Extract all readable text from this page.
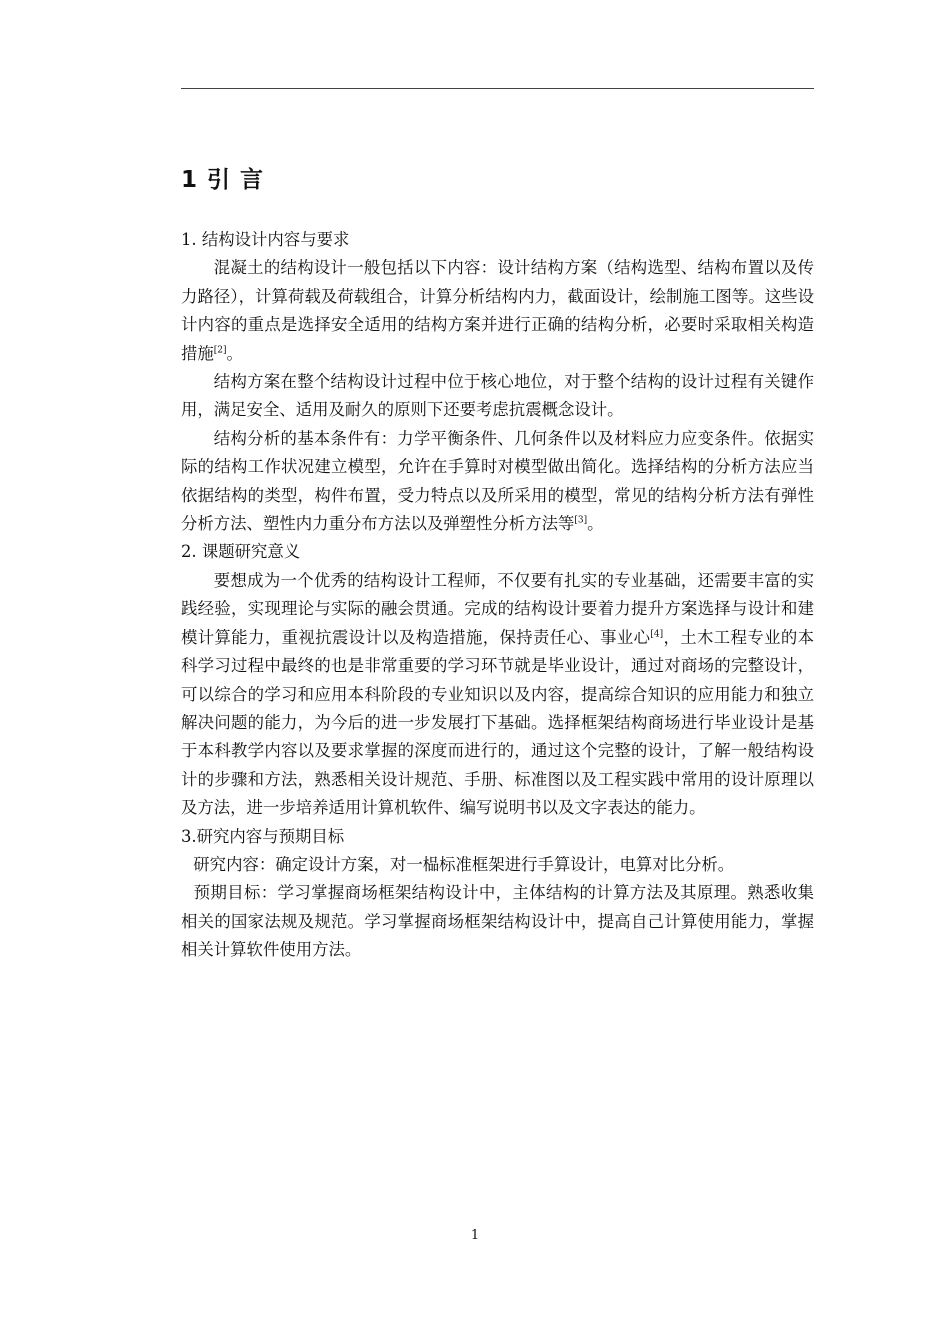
1 引 言

1. 结构设计内容与要求

混凝土的结构设计一般包括以下内容：设计结构方案（结构选型、结构布置以及传力路径），计算荷载及荷载组合，计算分析结构内力，截面设计，绘制施工图等。这些设计内容的重点是选择安全适用的结构方案并进行正确的结构分析，必要时采取相关构造措施[2]。

结构方案在整个结构设计过程中位于核心地位，对于整个结构的设计过程有关键作用，满足安全、适用及耐久的原则下还要考虑抗震概念设计。

结构分析的基本条件有：力学平衡条件、几何条件以及材料应力应变条件。依据实际的结构工作状况建立模型，允许在手算时对模型做出简化。选择结构的分析方法应当依据结构的类型，构件布置，受力特点以及所采用的模型，常见的结构分析方法有弹性分析方法、塑性内力重分布方法以及弹塑性分析方法等[3]。

2. 课题研究意义

要想成为一个优秀的结构设计工程师，不仅要有扎实的专业基础，还需要丰富的实践经验，实现理论与实际的融会贯通。完成的结构设计要着力提升方案选择与设计和建模计算能力，重视抗震设计以及构造措施，保持责任心、事业心[4]，土木工程专业的本科学习过程中最终的也是非常重要的学习环节就是毕业设计，通过对商场的完整设计，可以综合的学习和应用本科阶段的专业知识以及内容，提高综合知识的应用能力和独立解决问题的能力，为今后的进一步发展打下基础。选择框架结构商场进行毕业设计是基于本科教学内容以及要求掌握的深度而进行的，通过这个完整的设计，了解一般结构设计的步骤和方法，熟悉相关设计规范、手册、标准图以及工程实践中常用的设计原理以及方法，进一步培养适用计算机软件、编写说明书以及文字表达的能力。

3.研究内容与预期目标

研究内容：确定设计方案，对一榀标准框架进行手算设计，电算对比分析。

预期目标：学习掌握商场框架结构设计中，主体结构的计算方法及其原理。熟悉收集相关的国家法规及规范。学习掌握商场框架结构设计中，提高自己计算使用能力，掌握相关计算软件使用方法。

1
